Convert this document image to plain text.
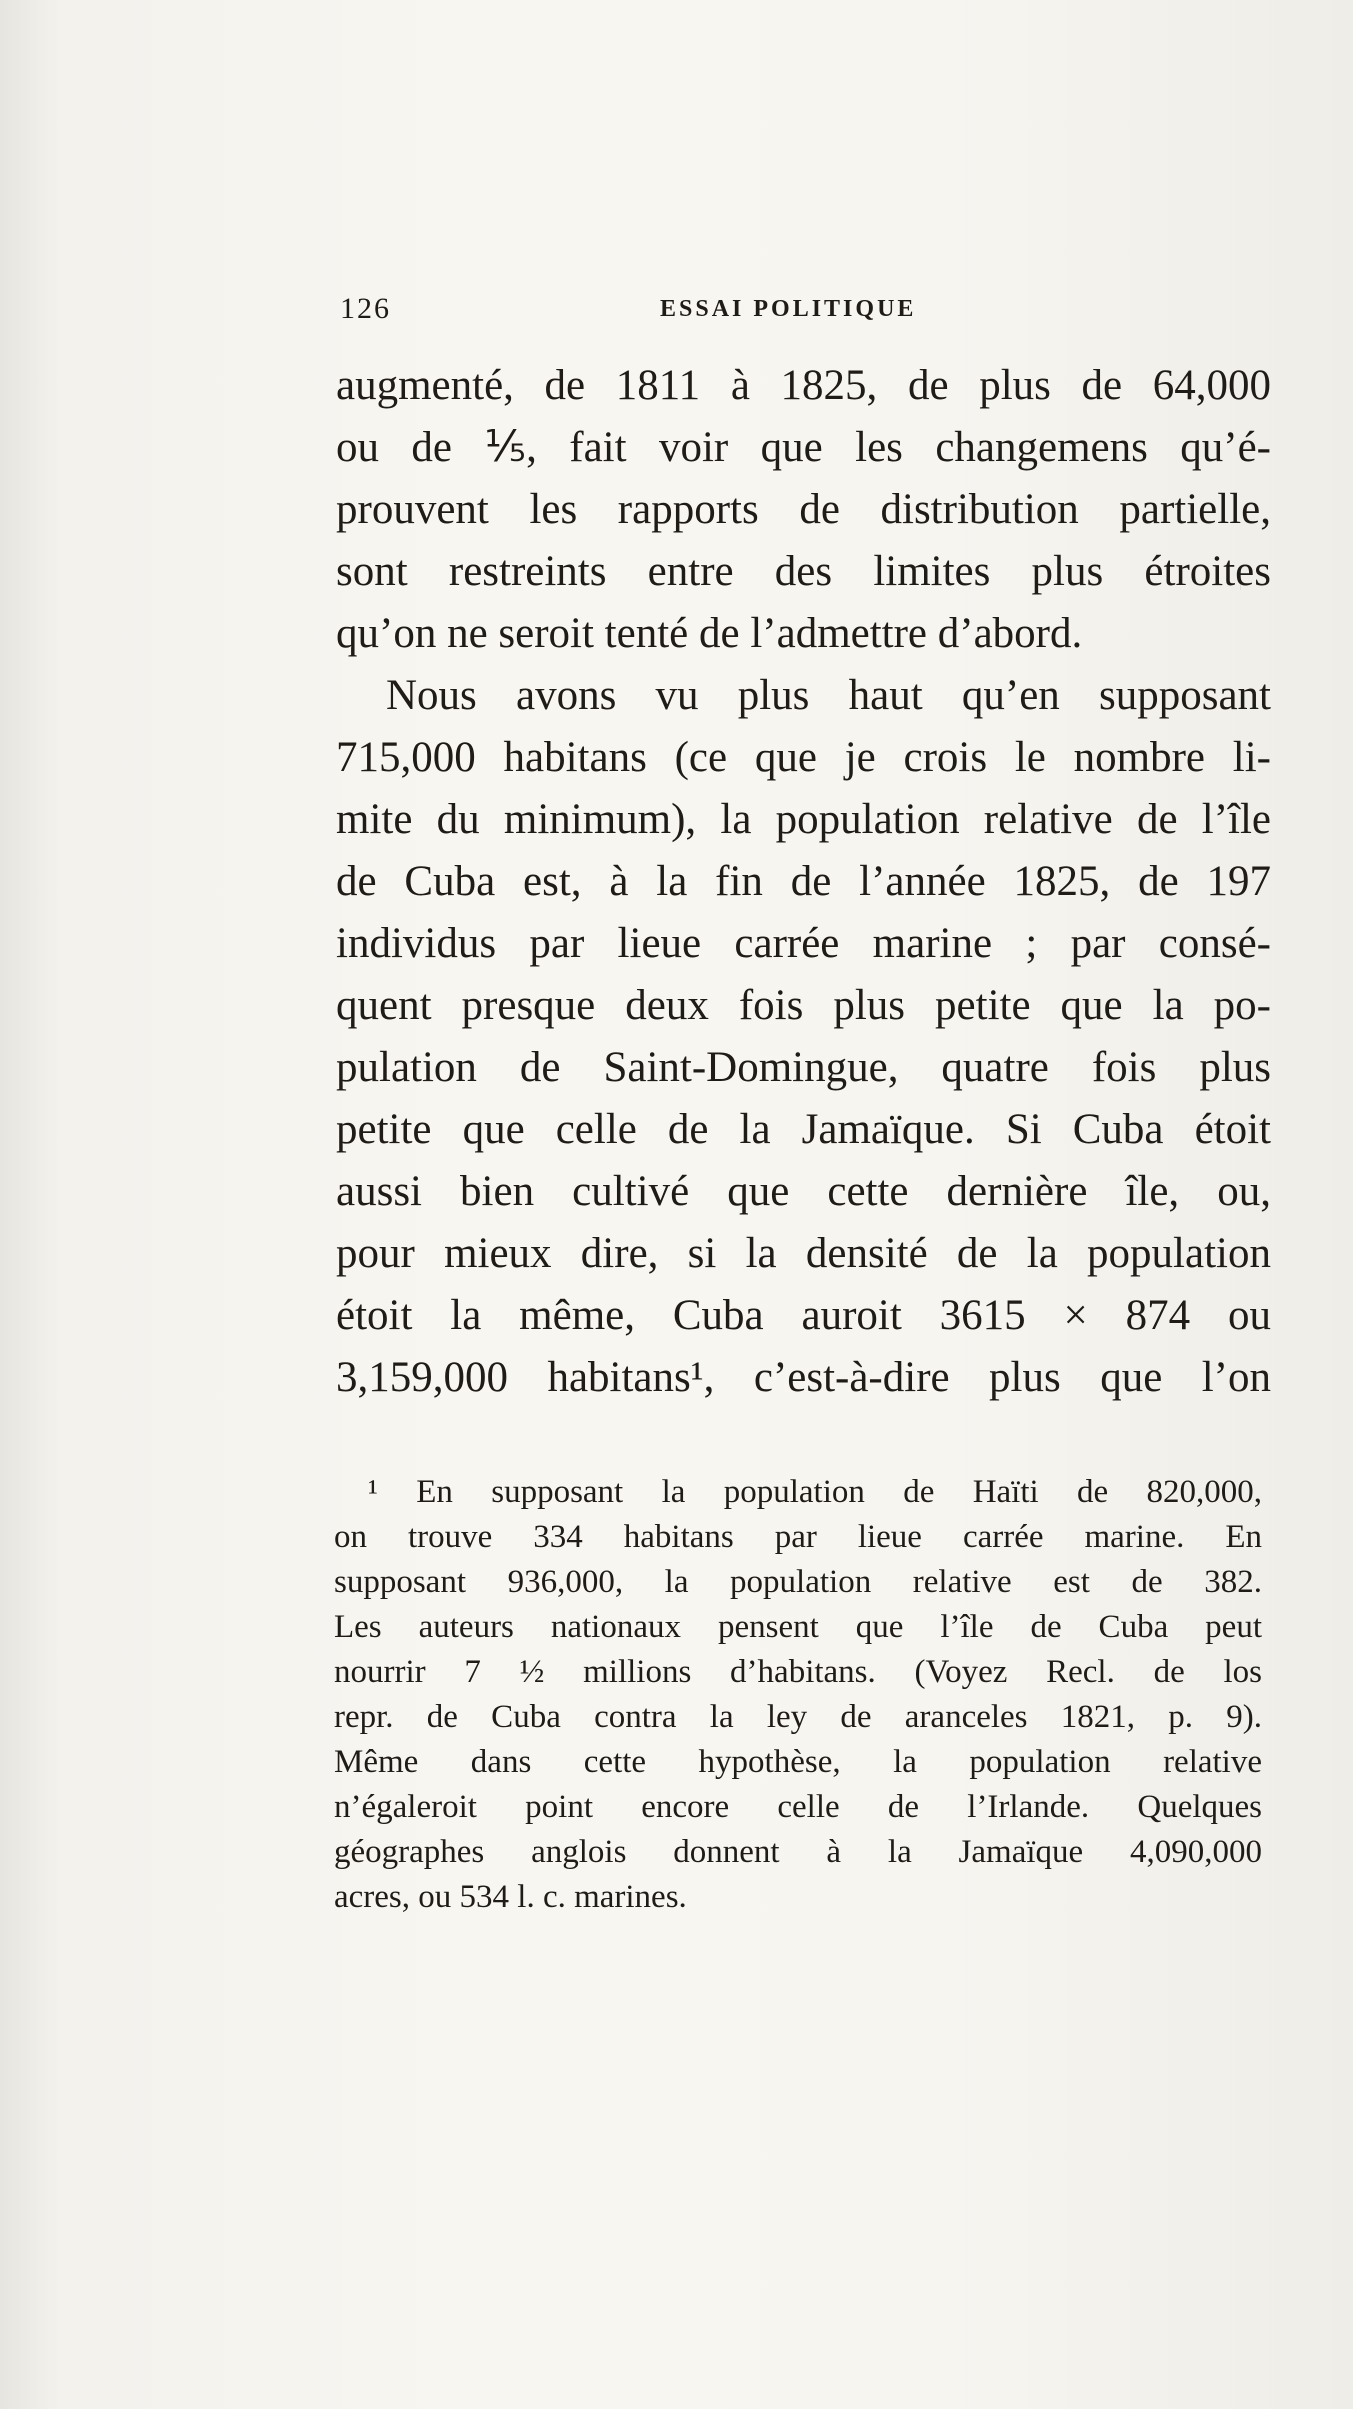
126	ESSAI POLITIQUE
augmenté, de 1811 à 1825, de plus de 64,000
ou de ⅕, fait voir que les changemens qu’é-
prouvent les rapports de distribution partielle,
sont restreints entre des limites plus étroites
qu’on ne seroit tenté de l’admettre d’abord.
Nous avons vu plus haut qu’en supposant
715,000 habitans (ce que je crois le nombre li-
mite du minimum), la population relative de l’île
de Cuba est, à la fin de l’année 1825, de 197
individus par lieue carrée marine ; par consé-
quent presque deux fois plus petite que la po-
pulation de Saint-Domingue, quatre fois plus
petite que celle de la Jamaïque. Si Cuba étoit
aussi bien cultivé que cette dernière île, ou,
pour mieux dire, si la densité de la population
étoit la même, Cuba auroit 3615 × 874 ou
3,159,000 habitans¹, c’est-à-dire plus que l’on
¹ En supposant la population de Haïti de 820,000,
on trouve 334 habitans par lieue carrée marine. En
supposant 936,000, la population relative est de 382.
Les auteurs nationaux pensent que l’île de Cuba peut
nourrir 7 ½ millions d’habitans. (Voyez Recl. de los
repr. de Cuba contra la ley de aranceles 1821, p. 9).
Même dans cette hypothèse, la population relative
n’égaleroit point encore celle de l’Irlande. Quelques
géographes anglois donnent à la Jamaïque 4,090,000
acres, ou 534 l. c. marines.
